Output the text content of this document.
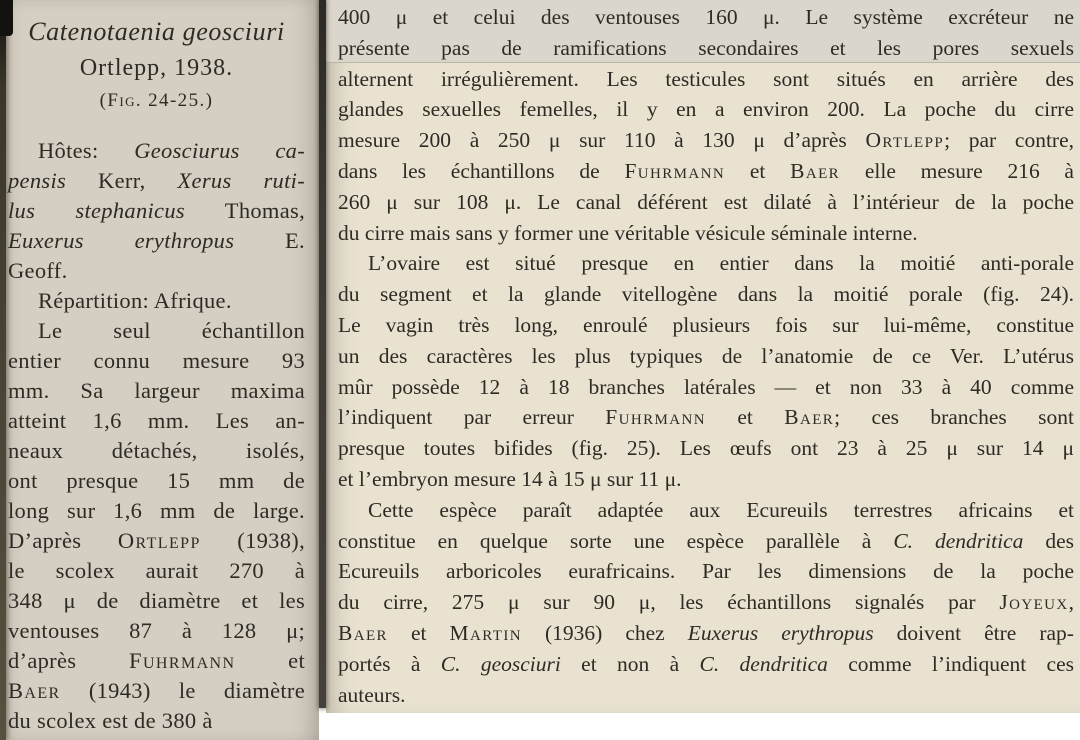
Catenotaenia geosciuri
Ortlepp, 1938.
(Fig. 24-25.)
Hôtes: Geosciurus ca-
pensis Kerr, Xerus ruti-
lus stephanicus Thomas,
Euxerus erythropus E.
Geoff.
Répartition: Afrique.
Le seul échantillon
entier connu mesure 93
mm. Sa largeur maxima
atteint 1,6 mm. Les an-
neaux détachés, isolés,
ont presque 15 mm de
long sur 1,6 mm de large.
D’après Ortlepp (1938),
le scolex aurait 270 à
348 μ de diamètre et les
ventouses 87 à 128 μ;
d’après Fuhrmann et
Baer (1943) le diamètre
du scolex est de 380 à
400 μ et celui des ventouses 160 μ. Le système excréteur ne
présente pas de ramifications secondaires et les pores sexuels
alternent irrégulièrement. Les testicules sont situés en arrière des
glandes sexuelles femelles, il y en a environ 200. La poche du cirre
mesure 200 à 250 μ sur 110 à 130 μ d’après Ortlepp; par contre,
dans les échantillons de Fuhrmann et Baer elle mesure 216 à
260 μ sur 108 μ. Le canal déférent est dilaté à l’intérieur de la poche
du cirre mais sans y former une véritable vésicule séminale interne.
L’ovaire est situé presque en entier dans la moitié anti-porale
du segment et la glande vitellogène dans la moitié porale (fig. 24).
Le vagin très long, enroulé plusieurs fois sur lui-même, constitue
un des caractères les plus typiques de l’anatomie de ce Ver. L’utérus
mûr possède 12 à 18 branches latérales — et non 33 à 40 comme
l’indiquent par erreur Fuhrmann et Baer; ces branches sont
presque toutes bifides (fig. 25). Les œufs ont 23 à 25 μ sur 14 μ
et l’embryon mesure 14 à 15 μ sur 11 μ.
Cette espèce paraît adaptée aux Ecureuils terrestres africains et
constitue en quelque sorte une espèce parallèle à C. dendritica des
Ecureuils arboricoles eurafricains. Par les dimensions de la poche
du cirre, 275 μ sur 90 μ, les échantillons signalés par Joyeux,
Baer et Martin (1936) chez Euxerus erythropus doivent être rap-
portés à C. geosciuri et non à C. dendritica comme l’indiquent ces
auteurs.
